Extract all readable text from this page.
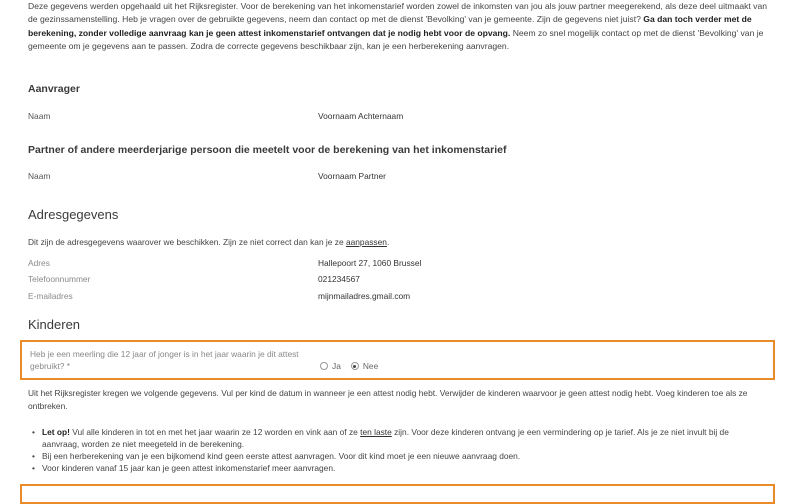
Deze gegevens werden opgehaald uit het Rijksregister. Voor de berekening van het inkomenstarief worden zowel de inkomsten van jou als jouw partner meegerekend, als deze deel uitmaakt van de gezinssamenstelling. Heb je vragen over de gebruikte gegevens, neem dan contact op met de dienst 'Bevolking' van je gemeente. Zijn de gegevens niet juist? Ga dan toch verder met de berekening, zonder volledige aanvraag kan je geen attest inkomenstarief ontvangen dat je nodig hebt voor de opvang. Neem zo snel mogelijk contact op met de dienst 'Bevolking' van je gemeente om je gegevens aan te passen. Zodra de correcte gegevens beschikbaar zijn, kan je een herberekening aanvragen.
Aanvrager
Naam	Voornaam Achternaam
Partner of andere meerderjarige persoon die meetelt voor de berekening van het inkomenstarief
Naam	Voornaam Partner
Adresgegevens
Dit zijn de adresgegevens waarover we beschikken. Zijn ze niet correct dan kan je ze aanpassen.
Adres	Hallepoort 27, 1060 Brussel
Telefoonnummer	021234567
E-mailadres	mijnmailadres.gmail.com
Kinderen
Heb je een meerling die 12 jaar of jonger is in het jaar waarin je dit attest gebruikt? *	Ja	Nee
Uit het Rijksregister kregen we volgende gegevens. Vul per kind de datum in wanneer je een attest nodig hebt. Verwijder de kinderen waarvoor je geen attest nodig hebt. Voeg kinderen toe als ze ontbreken.
• Let op! Vul alle kinderen in tot en met het jaar waarin ze 12 worden en vink aan of ze ten laste zijn. Voor deze kinderen ontvang je een vermindering op je tarief. Als je ze niet invult bij de aanvraag, worden ze niet meegeteld in de berekening.
• Bij een herberekening van je een bijkomend kind geen eerste attest aanvragen. Voor dit kind moet je een nieuwe aanvraag doen.
• Voor kinderen vanaf 15 jaar kan je geen attest inkomenstarief meer aanvragen.
